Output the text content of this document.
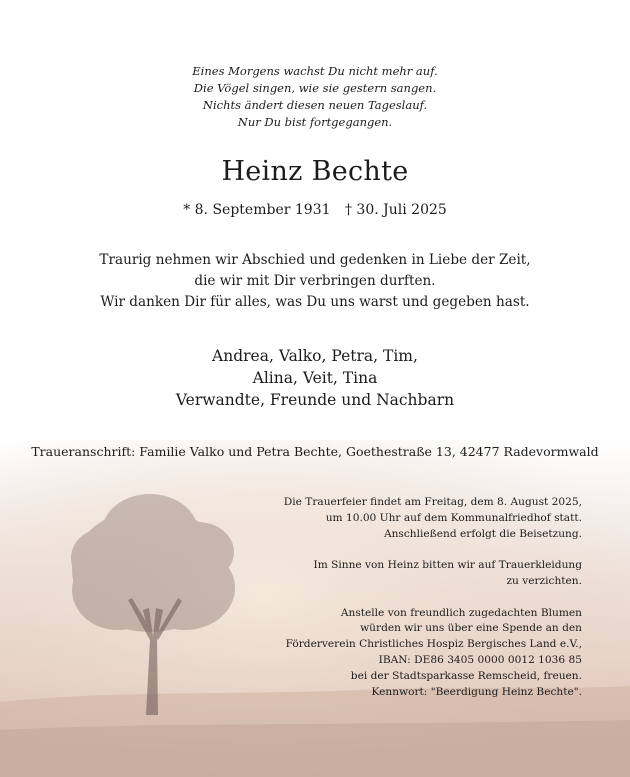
Eines Morgens wachst Du nicht mehr auf.
Die Vögel singen, wie sie gestern sangen.
Nichts ändert diesen neuen Tageslauf.
Nur Du bist fortgegangen.
Heinz Bechte
* 8. September 1931 † 30. Juli 2025
Traurig nehmen wir Abschied und gedenken in Liebe der Zeit,
die wir mit Dir verbringen durften.
Wir danken Dir für alles, was Du uns warst und gegeben hast.
Andrea, Valko, Petra, Tim,
Alina, Veit, Tina
Verwandte, Freunde und Nachbarn
Traueranschrift: Familie Valko und Petra Bechte, Goethestraße 13, 42477 Radevormwald
Die Trauerfeier findet am Freitag, dem 8. August 2025,
um 10.00 Uhr auf dem Kommunalfriedhof statt.
Anschließend erfolgt die Beisetzung.
Im Sinne von Heinz bitten wir auf Trauerkleidung
zu verzichten.
Anstelle von freundlich zugedachten Blumen
würden wir uns über eine Spende an den
Förderverein Christliches Hospiz Bergisches Land e.V.,
IBAN: DE86 3405 0000 0012 1036 85
bei der Stadtsparkasse Remscheid, freuen.
Kennwort: "Beerdigung Heinz Bechte".
